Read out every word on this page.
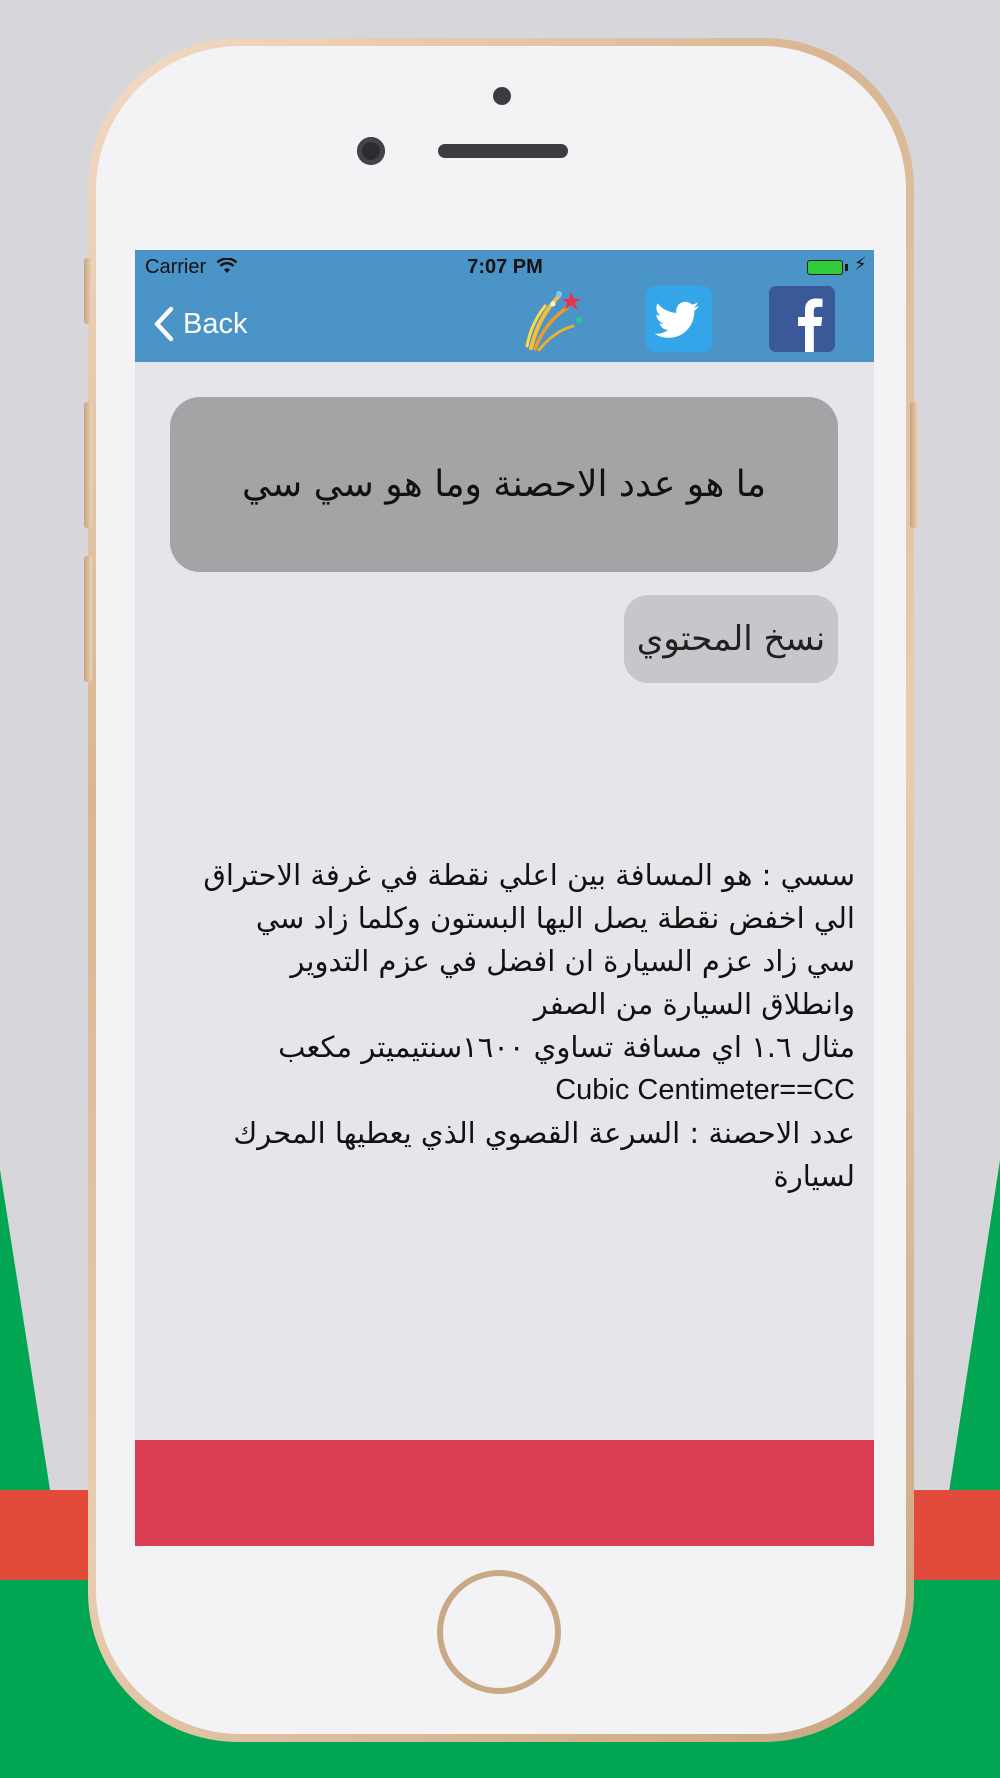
Carrier	7:07 PM	⚡
Back
ما هو عدد الاحصنة وما هو سي سي
نسخ المحتوي
سسي : هو المسافة بين اعلي نقطة في غرفة الاحتراق
الي اخفض نقطة يصل اليها البستون وكلما زاد سي
سي زاد عزم السيارة ان افضل في عزم التدوير
وانطلاق السيارة من الصفر
مثال ١.٦ اي مسافة تساوي ١٦٠٠سنتيميتر مكعب
Cubic Centimeter==CC
عدد الاحصنة : السرعة القصوي الذي يعطيها المحرك
لسيارة
